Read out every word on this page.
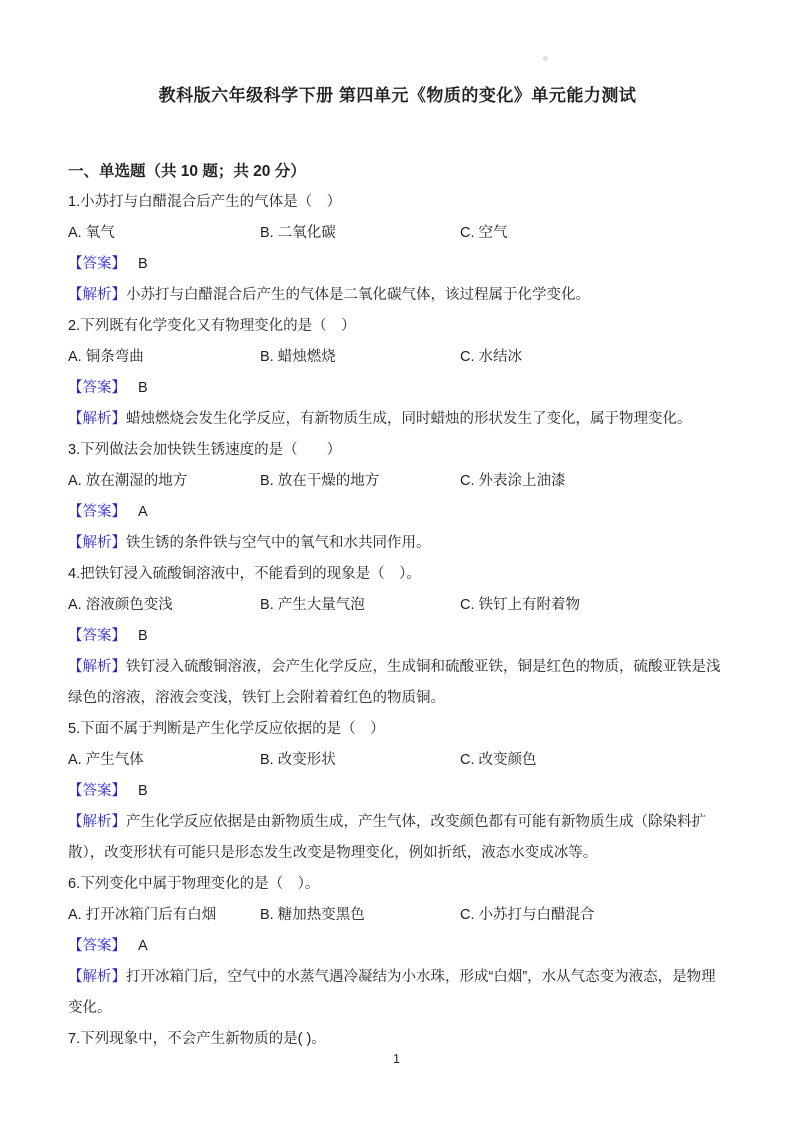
教科版六年级科学下册 第四单元《物质的变化》单元能力测试
一、单选题（共 10 题；共 20 分）

1.小苏打与白醋混合后产生的气体是（　）

A. 氧气	B. 二氧化碳	C. 空气

【答案】 B

【解析】小苏打与白醋混合后产生的气体是二氧化碳气体，该过程属于化学变化。

2.下列既有化学变化又有物理变化的是（　）

A. 铜条弯曲	B. 蜡烛燃烧	C. 水结冰

【答案】 B

【解析】蜡烛燃烧会发生化学反应，有新物质生成，同时蜡烛的形状发生了变化，属于物理变化。

3.下列做法会加快铁生锈速度的是（　　）

A. 放在潮湿的地方	B. 放在干燥的地方	C. 外表涂上油漆

【答案】 A

【解析】铁生锈的条件铁与空气中的氧气和水共同作用。

4.把铁钉浸入硫酸铜溶液中，不能看到的现象是（　）。

A. 溶液颜色变浅	B. 产生大量气泡	C. 铁钉上有附着物

【答案】 B

【解析】铁钉浸入硫酸铜溶液，会产生化学反应，生成铜和硫酸亚铁，铜是红色的物质，硫酸亚铁是浅绿色的溶液，溶液会变浅，铁钉上会附着着红色的物质铜。

5.下面不属于判断是产生化学反应依据的是（　）

A. 产生气体	B. 改变形状	C. 改变颜色

【答案】 B

【解析】产生化学反应依据是由新物质生成，产生气体，改变颜色都有可能有新物质生成（除染料扩散），改变形状有可能只是形态发生改变是物理变化，例如折纸，液态水变成冰等。

6.下列变化中属于物理变化的是（　）。

A. 打开冰箱门后有白烟	B. 糖加热变黑色	C. 小苏打与白醋混合

【答案】 A

【解析】打开冰箱门后，空气中的水蒸气遇冷凝结为小水珠，形成“白烟”，水从气态变为液态，是物理变化。

7.下列现象中，不会产生新物质的是( )。

1
